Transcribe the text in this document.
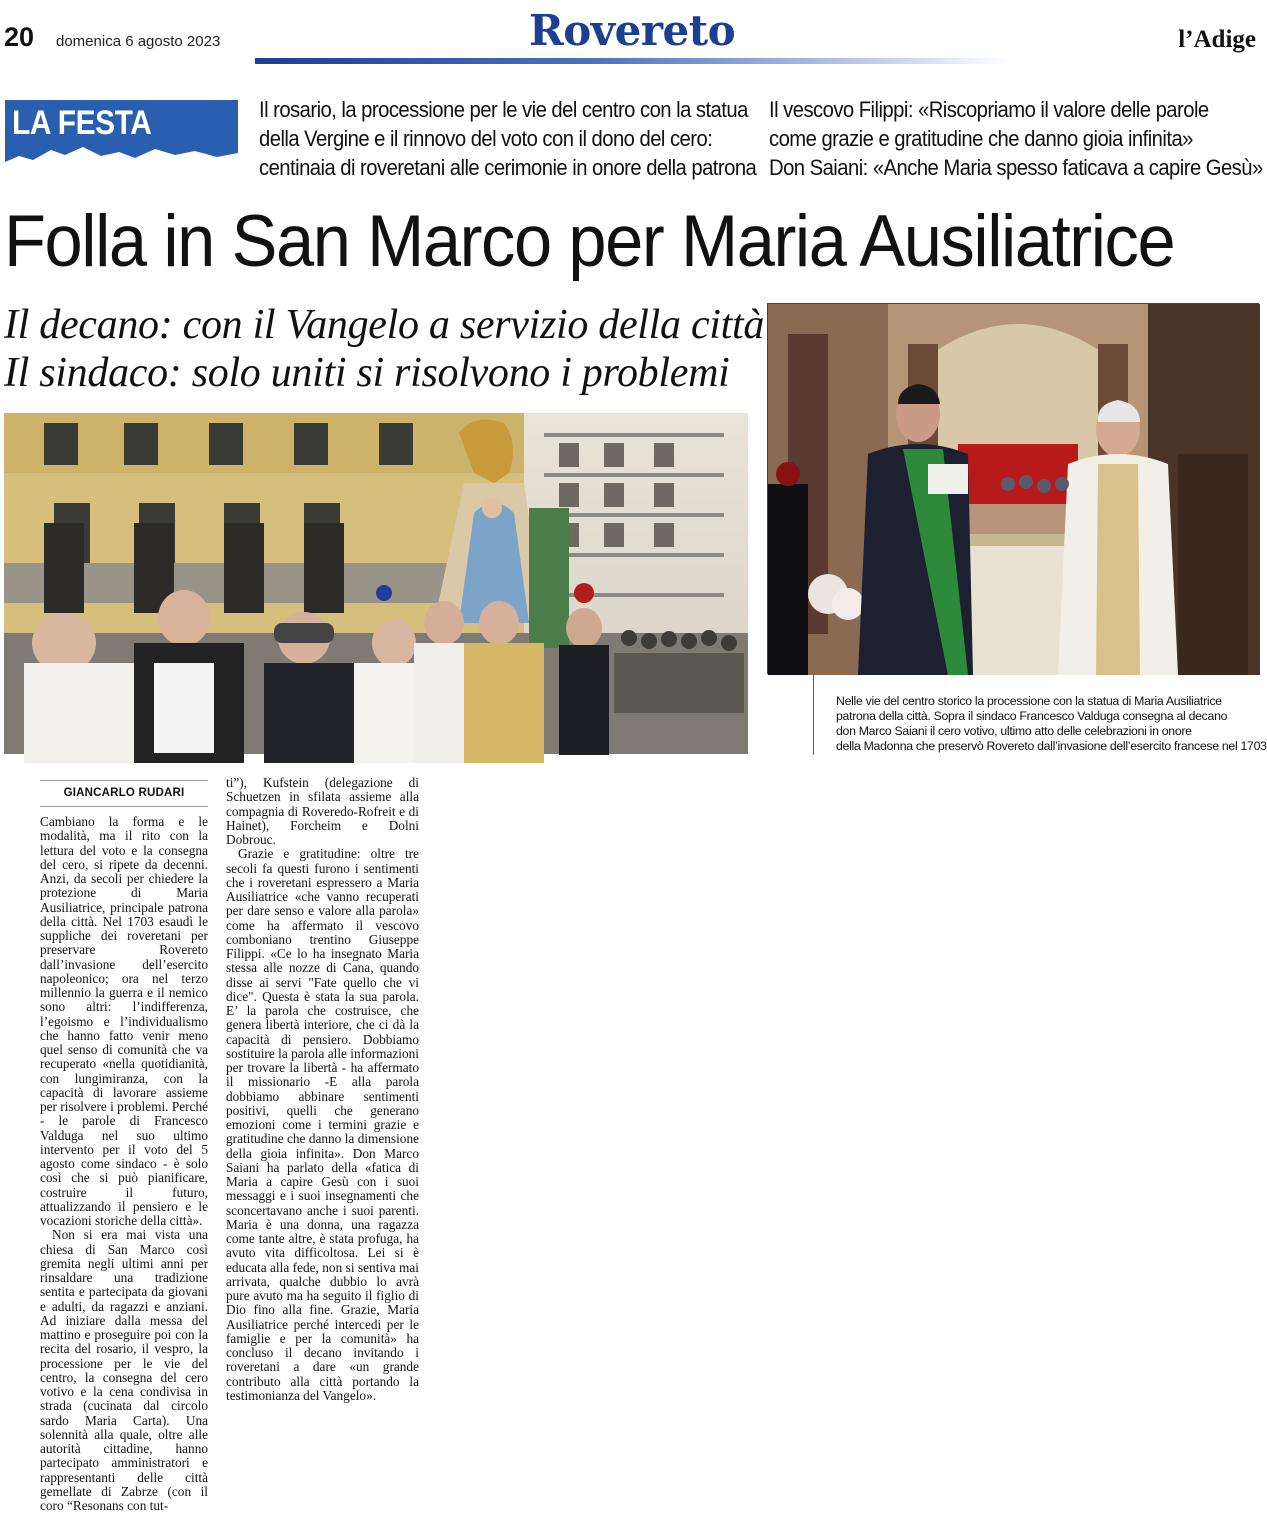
20 domenica 6 agosto 2023	Rovereto	l’Adige
LA FESTA	Il rosario, la processione per le vie del centro con la statua
della Vergine e il rinnovo del voto con il dono del cero:
centinaia di roveretani alle cerimonie in onore della patrona
Il vescovo Filippi: «Riscopriamo il valore delle parole
come grazie e gratitudine che danno gioia infinita»
Don Saiani: «Anche Maria spesso faticava a capire Gesù»
Folla in San Marco per Maria Ausiliatrice
Il decano: con il Vangelo a servizio della città
Il sindaco: solo uniti si risolvono i problemi
Nelle vie del centro storico la processione con la statua di Maria Ausiliatrice
patrona della città. Sopra il sindaco Francesco Valduga consegna al decano
don Marco Saiani il cero votivo, ultimo atto delle celebrazioni in onore
della Madonna che preservò Rovereto dall’invasione dell’esercito francese nel 1703
GIANCARLO RUDARI

Cambiano la forma e le modalità, ma il rito con la lettura del voto e la consegna del cero, si ripete da decenni. Anzi, da secoli per chiedere la protezione di Maria Ausiliatrice, principale patrona della città. Nel 1703 esaudì le suppliche dei roveretani per preservare Rovereto dall’invasione dell’esercito napoleonico; ora nel terzo millennio la guerra e il nemico sono altri: l’indifferenza, l’egoismo e l’individualismo che hanno fatto venir meno quel senso di comunità che va recuperato «nella quotidianità, con lungimiranza, con la capacità di lavorare assieme per risolvere i problemi. Perché - le parole di Francesco Valduga nel suo ultimo intervento per il voto del 5 agosto come sindaco - è solo così che si può pianificare, costruire il futuro, attualizzando il pensiero e le vocazioni storiche della città».

Non si era mai vista una chiesa di San Marco così gremita negli ultimi anni per rinsaldare una tradizione sentita e partecipata da giovani e adulti, da ragazzi e anziani. Ad iniziare dalla messa del mattino e proseguire poi con la recita del rosario, il vespro, la processione per le vie del centro, la consegna del cero votivo e la cena condivisa in strada (cucinata dal circolo sardo Maria Carta). Una solennità alla quale, oltre alle autorità cittadine, hanno partecipato amministratori e rappresentanti delle città gemellate di Zabrze (con il coro “Resonans con tut-

ti”), Kufstein (delegazione di Schuetzen in sfilata assieme alla compagnia di Roveredo-Rofreit e di Hainet), Forcheim e Dolni Dobrouc.

Grazie e gratitudine: oltre tre secoli fa questi furono i sentimenti che i roveretani espressero a Maria Ausiliatrice «che vanno recuperati per dare senso e valore alla parola» come ha affermato il vescovo comboniano trentino Giuseppe Filippi. «Ce lo ha insegnato Maria stessa alle nozze di Cana, quando disse ai servi "Fate quello che vi dice". Questa è stata la sua parola. E’ la parola che costruisce, che genera libertà interiore, che ci dà la capacità di pensiero. Dobbiamo sostituire la parola alle informazioni per trovare la libertà - ha affermato il missionario -E alla parola dobbiamo abbinare sentimenti positivi, quelli che generano emozioni come i termini grazie e gratitudine che danno la dimensione della gioia infinita». Don Marco Saiani ha parlato della «fatica di Maria a capire Gesù con i suoi messaggi e i suoi insegnamenti che sconcertavano anche i suoi parenti. Maria è una donna, una ragazza come tante altre, è stata profuga, ha avuto vita difficoltosa. Lei si è educata alla fede, non si sentiva mai arrivata, qualche dubbio lo avrà pure avuto ma ha seguito il figlio di Dio fino alla fine. Grazie, Maria Ausiliatrice perché intercedi per le famiglie e per la comunità» ha concluso il decano invitando i roveretani a dare «un grande contributo alla città portando la testimonianza del Vangelo».
